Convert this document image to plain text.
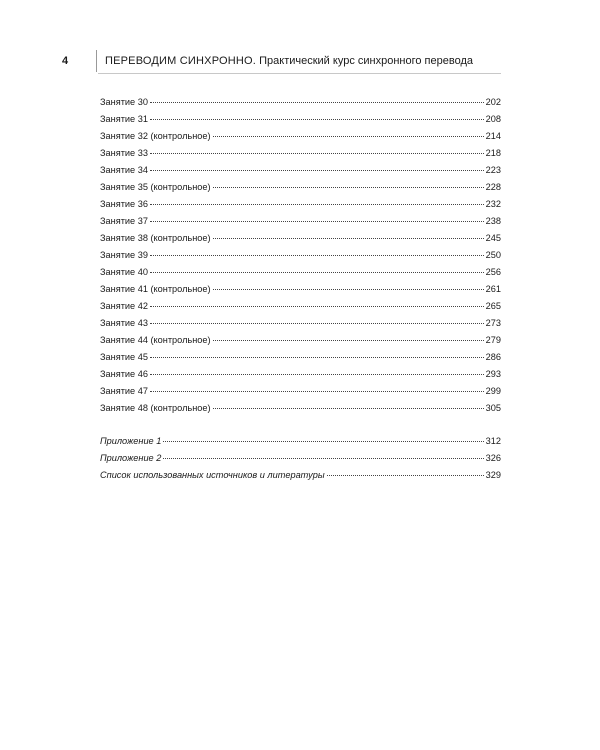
4	ПЕРЕВОДИМ СИНХРОННО. Практический курс синхронного перевода
Занятие 30	202
Занятие 31	208
Занятие 32 (контрольное)	214
Занятие 33	218
Занятие 34	223
Занятие 35 (контрольное)	228
Занятие 36	232
Занятие 37	238
Занятие 38 (контрольное)	245
Занятие 39	250
Занятие 40	256
Занятие 41 (контрольное)	261
Занятие 42	265
Занятие 43	273
Занятие 44 (контрольное)	279
Занятие 45	286
Занятие 46	293
Занятие 47	299
Занятие 48 (контрольное)	305
Приложение 1	312
Приложение 2	326
Список использованных источников и литературы	329
